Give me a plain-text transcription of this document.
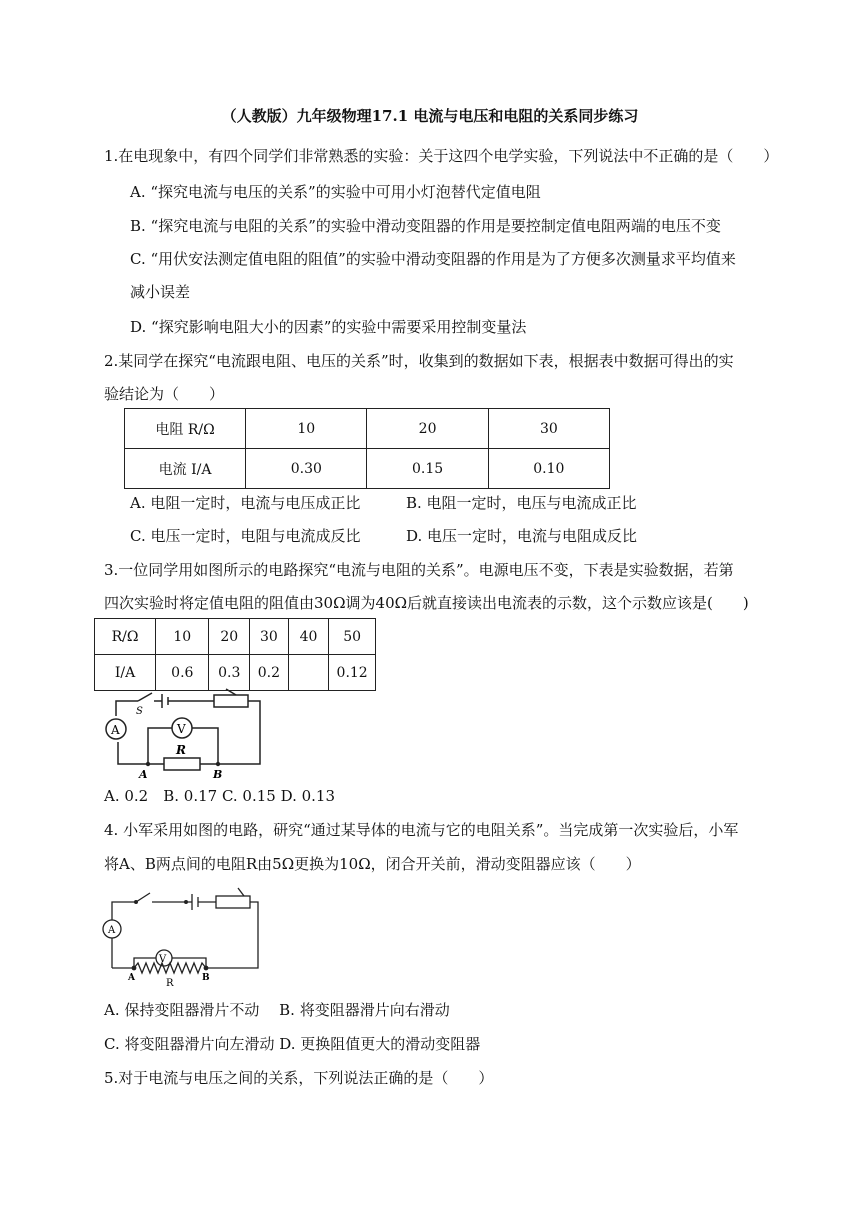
（人教版）九年级物理17.1 电流与电压和电阻的关系同步练习
1.在电现象中，有四个同学们非常熟悉的实验：关于这四个电学实验，下列说法中不正确的是（　　）
A. “探究电流与电压的关系”的实验中可用小灯泡替代定值电阻
B. “探究电流与电阻的关系”的实验中滑动变阻器的作用是要控制定值电阻两端的电压不变
C. “用伏安法测定值电阻的阻值”的实验中滑动变阻器的作用是为了方便多次测量求平均值来
减小误差
D. “探究影响电阻大小的因素”的实验中需要采用控制变量法
2.某同学在探究“电流跟电阻、电压的关系”时，收集到的数据如下表，根据表中数据可得出的实
验结论为（　　）
电阻 R/Ω	10	20	30
电流 I/A	0.30	0.15	0.10
A. 电阻一定时，电流与电压成正比	B. 电阻一定时，电压与电流成正比
C. 电压一定时，电阻与电流成反比	D. 电压一定时，电流与电阻成反比
3.一位同学用如图所示的电路探究“电流与电阻的关系”。电源电压不变，下表是实验数据，若第
四次实验时将定值电阻的阻值由30Ω调为40Ω后就直接读出电流表的示数，这个示数应该是(　　)
R/Ω	10	20	30	40	50
I/A	0.6	0.3	0.2		0.12
S
V
A
R
A	B
A. 0.2　B. 0.17 C. 0.15 D. 0.13
4. 小军采用如图的电路，研究“通过某导体的电流与它的电阻关系”。当完成第一次实验后，小军
将A、B两点间的电阻R由5Ω更换为10Ω，闭合开关前，滑动变阻器应该（　　）
V
A
R
A	B
A. 保持变阻器滑片不动　 B. 将变阻器滑片向右滑动
C. 将变阻器滑片向左滑动 D. 更换阻值更大的滑动变阻器
5.对于电流与电压之间的关系，下列说法正确的是（　　）
